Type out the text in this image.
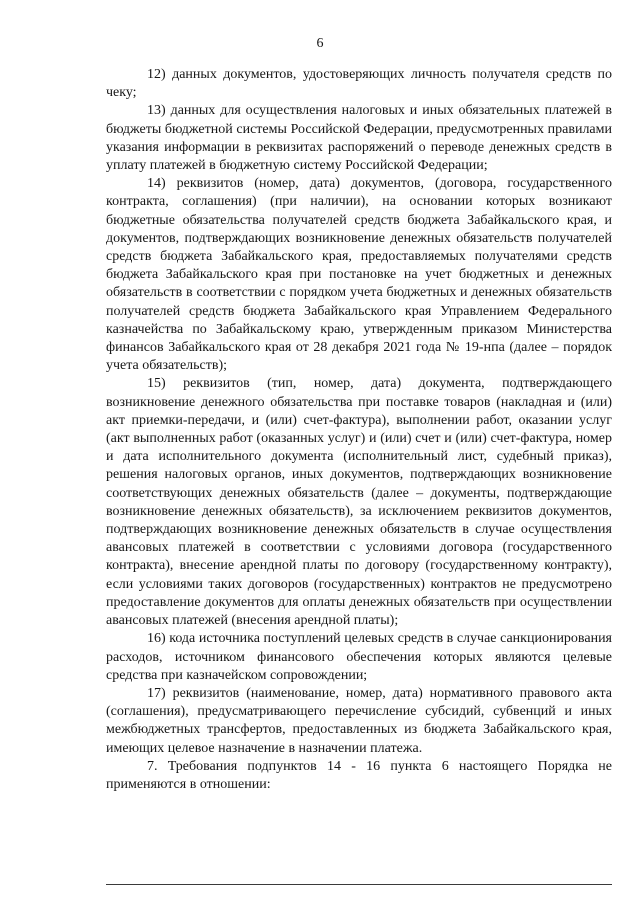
6

12) данных документов, удостоверяющих личность получателя средств по чеку;

13) данных для осуществления налоговых и иных обязательных платежей в бюджеты бюджетной системы Российской Федерации, предусмотренных правилами указания информации в реквизитах распоряжений о переводе денежных средств в уплату платежей в бюджетную систему Российской Федерации;

14) реквизитов (номер, дата) документов, (договора, государственного контракта, соглашения) (при наличии), на основании которых возникают бюджетные обязательства получателей средств бюджета Забайкальского края, и документов, подтверждающих возникновение денежных обязательств получателей средств бюджета Забайкальского края, предоставляемых получателями средств бюджета Забайкальского края при постановке на учет бюджетных и денежных обязательств в соответствии с порядком учета бюджетных и денежных обязательств получателей средств бюджета Забайкальского края Управлением Федерального казначейства по Забайкальскому краю, утвержденным приказом Министерства финансов Забайкальского края от 28 декабря 2021 года № 19-нпа (далее – порядок учета обязательств);

15) реквизитов (тип, номер, дата) документа, подтверждающего возникновение денежного обязательства при поставке товаров (накладная и (или) акт приемки-передачи, и (или) счет-фактура), выполнении работ, оказании услуг (акт выполненных работ (оказанных услуг) и (или) счет и (или) счет-фактура, номер и дата исполнительного документа (исполнительный лист, судебный приказ), решения налоговых органов, иных документов, подтверждающих возникновение соответствующих денежных обязательств (далее – документы, подтверждающие возникновение денежных обязательств), за исключением реквизитов документов, подтверждающих возникновение денежных обязательств в случае осуществления авансовых платежей в соответствии с условиями договора (государственного контракта), внесение арендной платы по договору (государственному контракту), если условиями таких договоров (государственных) контрактов не предусмотрено предоставление документов для оплаты денежных обязательств при осуществлении авансовых платежей (внесения арендной платы);

16) кода источника поступлений целевых средств в случае санкционирования расходов, источником финансового обеспечения которых являются целевые средства при казначейском сопровождении;

17) реквизитов (наименование, номер, дата) нормативного правового акта (соглашения), предусматривающего перечисление субсидий, субвенций и иных межбюджетных трансфертов, предоставленных из бюджета Забайкальского края, имеющих целевое назначение в назначении платежа.

7. Требования подпунктов 14 - 16 пункта 6 настоящего Порядка не применяются в отношении:
